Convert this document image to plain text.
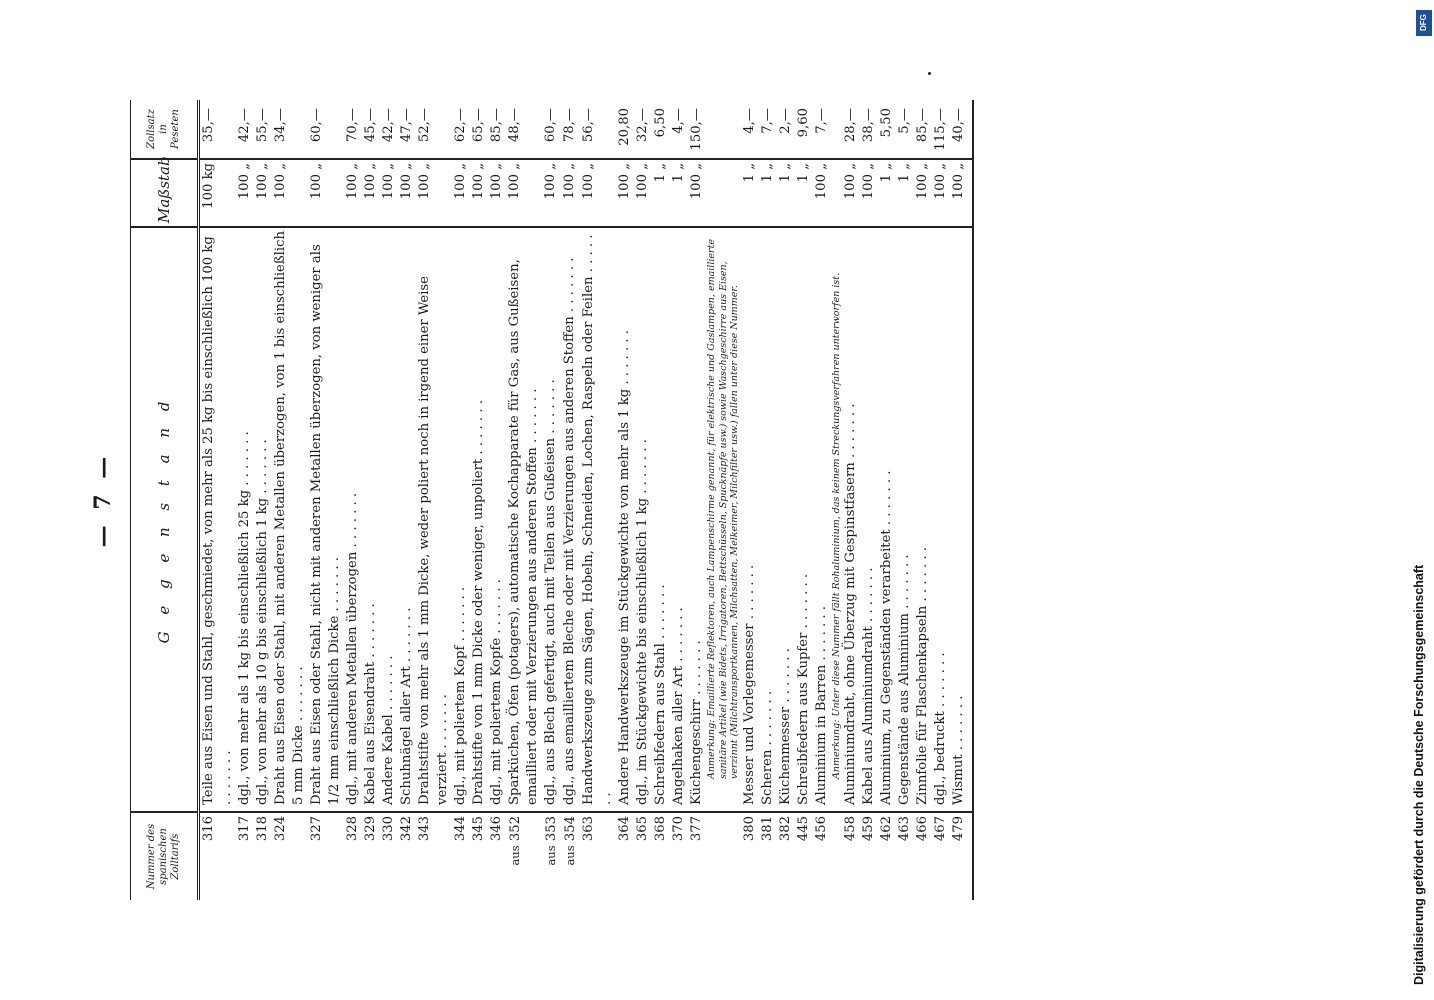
— 7 —
Nummer des spanischen Zolltarifs	G e g e n s t a n d	Maßstab	Zollsatz in Peseten
316	Teile aus Eisen und Stahl, geschmiedet, von mehr als 25 kg bis einschließlich 100 kg . . . . . . .	100 kg	35,—
317	dgl., von mehr als 1 kg bis einschließlich 25 kg . . . . . . .	100 „	42,—
318	dgl., von mehr als 10 g bis einschließlich 1 kg . . . . . . .	100 „	55,—
324	Draht aus Eisen oder Stahl, mit anderen Metallen überzogen, von 1 bis einschließlich 5 mm Dicke . . . . . . .	100 „	34,—
327	Draht aus Eisen oder Stahl, nicht mit anderen Metallen überzogen, von weniger als 1/2 mm einschließlich Dicke . . . . . . .	100 „	60,—
328	dgl., mit anderen Metallen überzogen . . . . . . .	100 „	70,—
329	Kabel aus Eisendraht . . . . . . .	100 „	45,—
330	Andere Kabel . . . . . . .	100 „	42,—
342	Schuhnägel aller Art . . . . . . .	100 „	47,—
343	Drahtstifte von mehr als 1 mm Dicke, weder poliert noch in irgend einer Weise verziert . . . . . . .	100 „	52,—
344	dgl., mit poliertem Kopf . . . . . . .	100 „	62,—
345	Drahtstifte von 1 mm Dicke oder weniger, unpoliert . . . . . . .	100 „	65,—
346	dgl., mit poliertem Kopfe . . . . . . .	100 „	85,—
aus 352	Sparküchen, Öfen (potagers), automatische Kochapparate für Gas, aus Gußeisen, emailliert oder mit Verzierungen aus anderen Stoffen . . . . . . .	100 „	48,—
aus 353	dgl., aus Blech gefertigt, auch mit Teilen aus Gußeisen . . . . . . .	100 „	60,—
aus 354	dgl., aus emailliertem Bleche oder mit Verzierungen aus anderen Stoffen . . . . . . .	100 „	78,—
363	Handwerkszeuge zum Sägen, Hobeln, Schneiden, Lochen, Raspeln oder Feilen . . . . . . .	100 „	56,—
364	Andere Handwerkszeuge im Stückgewichte von mehr als 1 kg . . . . . . .	100 „	20,80
365	dgl., im Stückgewichte bis einschließlich 1 kg . . . . . . .	100 „	32,—
368	Schreibfedern aus Stahl . . . . . . .	1 „	6,50
370	Angelhaken aller Art . . . . . . .	1 „	4,—
377	Küchengeschirr . . . . . . . Anmerkung: Emaillierte Reflektoren, auch Lampenschirme genannt, für elektrische und Gaslampen, emaillierte sanitäre Artikel (wie Bidets, Irrigatoren, Bettschüsseln, Spucknäpfe usw.) sowie Waschgeschirre aus Eisen, verzinnt (Milchtransportkannen, Milchsatten, Melkeimer, Milchfilter usw.) fallen unter diese Nummer.	100 „	150,—
380	Messer und Vorlegemesser . . . . . . .	1 „	4,—
381	Scheren . . . . . . .	1 „	7,—
382	Küchenmesser . . . . . . .	1 „	2,—
445	Schreibfedern aus Kupfer . . . . . . .	1 „	9,60
456	Aluminium in Barren . . . . . . . Anmerkung: Unter diese Nummer fällt Rohaluminium, das keinem Streckungsverfahren unterworfen ist.	100 „	7,—
458	Aluminiumdraht, ohne Überzug mit Gespinstfasern . . . . . . .	100 „	28,—
459	Kabel aus Aluminiumdraht . . . . . . .	100 „	38,—
462	Aluminium, zu Gegenständen verarbeitet . . . . . . .	1 „	5,50
463	Gegenstände aus Aluminium . . . . . . .	1 „	5,—
466	Zinnfolie für Flaschenkapseln . . . . . . .	100 „	85,—
467	dgl., bedruckt . . . . . . .	100 „	115,—
479	Wismut . . . . . . .	100 „	40,—
Digitalisierung gefördert durch die Deutsche Forschungsgemeinschaft
DFG
